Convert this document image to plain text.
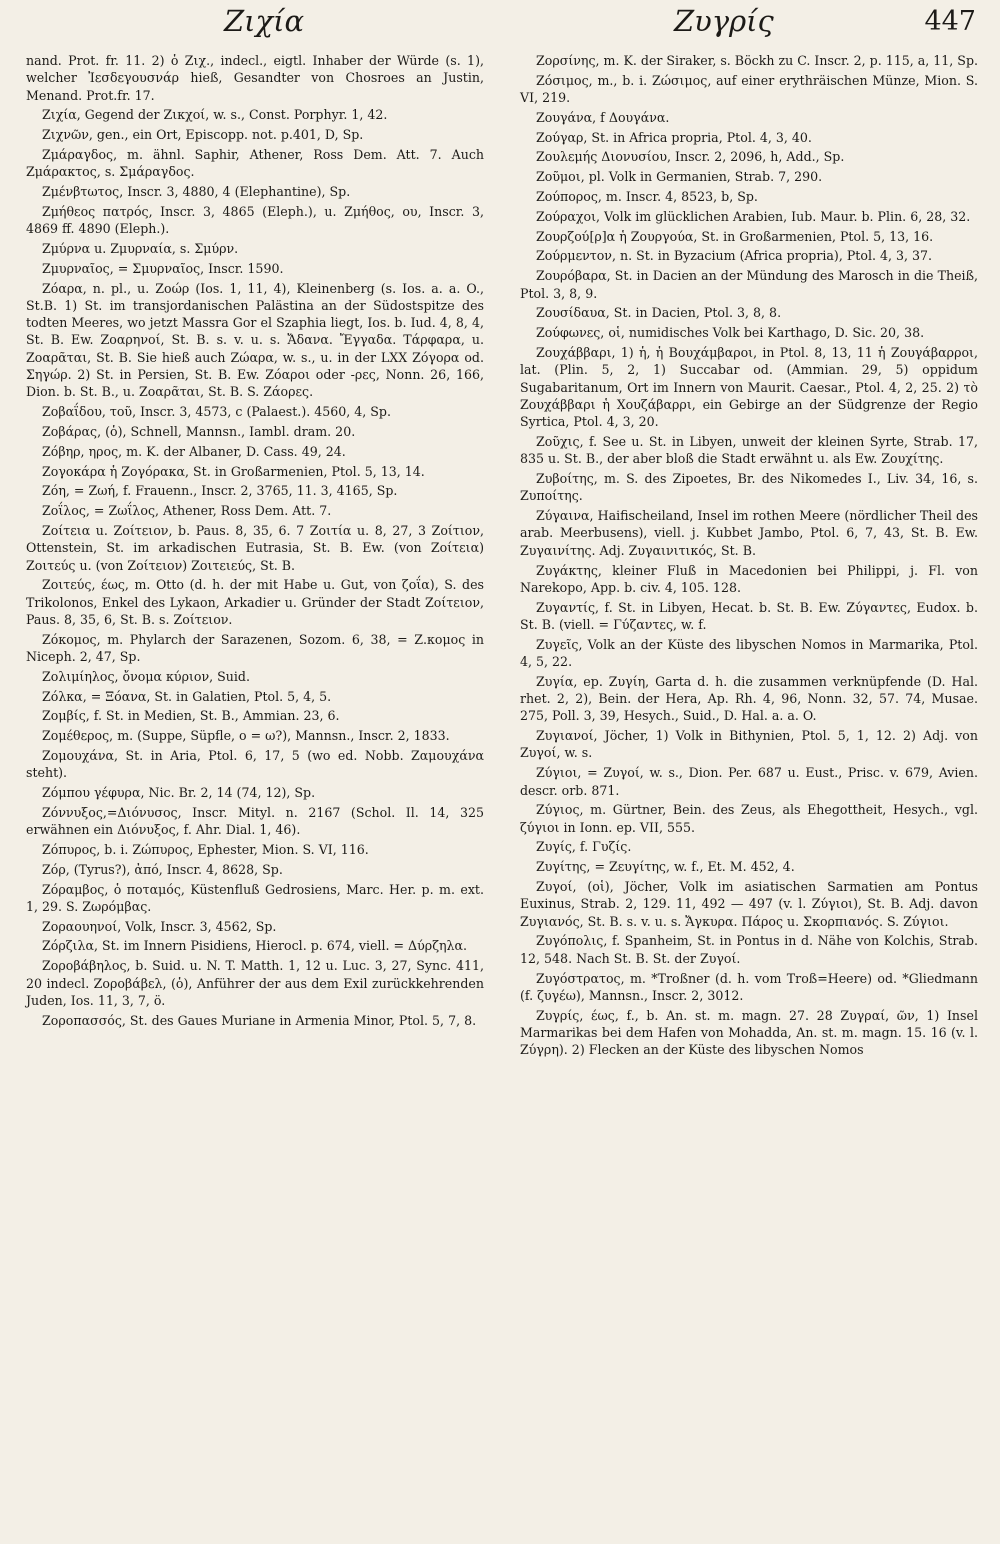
Ζιχία	Ζυγρίς	447

nand. Prot. fr. 11. 2) ὁ Ζιχ., indecl., eigtl. Inhaber der Würde (s. 1), welcher Ἰεσδεγουσνάρ hieß, Gesandter von Chosroes an Justin, Menand. Prot.fr. 17.

Ζιχία, Gegend der Ζικχοί, w. s., Const. Porphyr. 1, 42.

Ζιχνῶν, gen., ein Ort, Episcopp. not. p.401, D, Sp.

Ζμάραγδος, m. ähnl. Saphir, Athener, Ross Dem. Att. 7. Auch Ζμάρακτος, s. Σμάραγδος.

Ζμένβτωτος, Inscr. 3, 4880, 4 (Elephantine), Sp.

Ζμήθεος πατρός, Inscr. 3, 4865 (Eleph.), u. Ζμήθος, ου, Inscr. 3, 4869 ff. 4890 (Eleph.).

Ζμύρνα u. Ζμυρναία, s. Σμύρν.

Ζμυρναῖος, = Σμυρναῖος, Inscr. 1590.

Ζόαρα, n. pl., u. Ζοώρ (Ios. 1, 11, 4), Kleinenberg (s. Ios. a. a. O., St.B. 1) St. im transjordanischen Palästina an der Südostspitze des todten Meeres, wo jetzt Massra Gor el Szaphia liegt, Ios. b. Iud. 4, 8, 4, St. B. Ew. Ζοαρηνοί, St. B. s. v. u. s. Ἄδανα. Ἔγγαδα. Τάρφαρα, u. Ζοαρᾶται, St. B. Sie hieß auch Ζώαρα, w. s., u. in der LXX Ζόγορα od. Σηγώρ. 2) St. in Persien, St. B. Ew. Ζόαροι oder -ρες, Nonn. 26, 166, Dion. b. St. B., u. Ζοαρᾶται, St. B. S. Ζάορες.

Ζοβαΐδου, τοῦ, Inscr. 3, 4573, c (Palaest.). 4560, 4, Sp.

Ζοβάρας, (ὁ), Schnell, Mannsn., Iambl. dram. 20.

Ζόβηρ, ηρος, m. K. der Albaner, D. Cass. 49, 24.

Ζογοκάρα ἡ Ζογόρακα, St. in Großarmenien, Ptol. 5, 13, 14.

Ζόη, = Ζωή, f. Frauenn., Inscr. 2, 3765, 11. 3, 4165, Sp.

Ζοΐλος, = Ζωΐλος, Athener, Ross Dem. Att. 7.

Ζοίτεια u. Ζοίτειον, b. Paus. 8, 35, 6. 7 Ζοιτία u. 8, 27, 3 Ζοίτιον, Ottenstein, St. im arkadischen Eutrasia, St. B. Ew. (von Ζοίτεια) Ζοιτεύς u. (von Ζοίτειον) Ζοιτειεύς, St. B.

Ζοιτεύς, έως, m. Otto (d. h. der mit Habe u. Gut, von ζοΐα), S. des Trikolonos, Enkel des Lykaon, Arkadier u. Gründer der Stadt Ζοίτειον, Paus. 8, 35, 6, St. B. s. Ζοίτειον.

Ζόκομος, m. Phylarch der Sarazenen, Sozom. 6, 38, = Ζ.κομος in Niceph. 2, 47, Sp.

Ζολιμίηλος, ὄνομα κύριον, Suid.

Ζόλκα, = Ξόανα, St. in Galatien, Ptol. 5, 4, 5.

Ζομβίς, f. St. in Medien, St. B., Ammian. 23, 6.

Ζομέθερος, m. (Suppe, Süpfle, ο = ω?), Mannsn., Inscr. 2, 1833.

Ζομουχάνα, St. in Aria, Ptol. 6, 17, 5 (wo ed. Nobb. Ζαμουχάνα steht).

Ζόμπου γέφυρα, Nic. Br. 2, 14 (74, 12), Sp.

Ζόννυξος,=Διόνυσος, Inscr. Mityl. n. 2167 (Schol. Il. 14, 325 erwähnen ein Διόνυξος, f. Ahr. Dial. 1, 46).

Ζόπυρος, b. i. Ζώπυρος, Ephester, Mion. S. VI, 116.

Ζόρ, (Tyrus?), ἀπό, Inscr. 4, 8628, Sp.

Ζόραμβος, ὁ ποταμός, Küstenfluß Gedrosiens, Marc. Her. p. m. ext. 1, 29. S. Ζωρόμβας.

Ζοραουηνοί, Volk, Inscr. 3, 4562, Sp.

Ζόρζιλα, St. im Innern Pisidiens, Hierocl. p. 674, viell. = Δύρζηλα.

Ζοροβάβηλος, b. Suid. u. N. T. Matth. 1, 12 u. Luc. 3, 27, Sync. 411, 20 indecl. Ζοροβάβελ, (ὁ), Anführer der aus dem Exil zurückkehrenden Juden, Ios. 11, 3, 7, ö.

Ζοροπασσός, St. des Gaues Muriane in Armenia Minor, Ptol. 5, 7, 8.

Ζορσίνης, m. K. der Siraker, s. Böckh zu C. Inscr. 2, p. 115, a, 11, Sp.

Ζόσιμος, m., b. i. Ζώσιμος, auf einer erythräischen Münze, Mion. S. VI, 219.

Ζουγάνα, f Δουγάνα.

Ζούγαρ, St. in Africa propria, Ptol. 4, 3, 40.

Ζουλεμής Διονυσίου, Inscr. 2, 2096, h, Add., Sp.

Ζοῦμοι, pl. Volk in Germanien, Strab. 7, 290.

Ζούπορος, m. Inscr. 4, 8523, b, Sp.

Ζούραχοι, Volk im glücklichen Arabien, Iub. Maur. b. Plin. 6, 28, 32.

Ζουρζού[ρ]α ἡ Ζουργούα, St. in Großarmenien, Ptol. 5, 13, 16.

Ζούρμεντον, n. St. in Byzacium (Africa propria), Ptol. 4, 3, 37.

Ζουρόβαρα, St. in Dacien an der Mündung des Marosch in die Theiß, Ptol. 3, 8, 9.

Ζουσίδαυα, St. in Dacien, Ptol. 3, 8, 8.

Ζούφωνες, οἱ, numidisches Volk bei Karthago, D. Sic. 20, 38.

Ζουχάββαρι, 1) ἡ, ἡ Βουχάμβαροι, in Ptol. 8, 13, 11 ἡ Ζουγάβαρροι, lat. (Plin. 5, 2, 1) Succabar od. (Ammian. 29, 5) oppidum Sugabaritanum, Ort im Innern von Maurit. Caesar., Ptol. 4, 2, 25. 2) τὸ Ζουχάββαρι ἡ Χουζάβαρρι, ein Gebirge an der Südgrenze der Regio Syrtica, Ptol. 4, 3, 20.

Ζοῦχις, f. See u. St. in Libyen, unweit der kleinen Syrte, Strab. 17, 835 u. St. B., der aber bloß die Stadt erwähnt u. als Ew. Ζουχίτης.

Ζυβοίτης, m. S. des Zipoetes, Br. des Nikomedes I., Liv. 34, 16, s. Ζυποίτης.

Ζύγαινα, Haifischeiland, Insel im rothen Meere (nördlicher Theil des arab. Meerbusens), viell. j. Kubbet Jambo, Ptol. 6, 7, 43, St. B. Ew. Ζυγαινίτης. Adj. Ζυγαινιτικός, St. B.

Ζυγάκτης, kleiner Fluß in Macedonien bei Philippi, j. Fl. von Narekopo, App. b. civ. 4, 105. 128.

Ζυγαντίς, f. St. in Libyen, Hecat. b. St. B. Ew. Ζύγαντες, Eudox. b. St. B. (viell. = Γύζαντες, w. f.

Ζυγεῖς, Volk an der Küste des libyschen Nomos in Marmarika, Ptol. 4, 5, 22.

Ζυγία, ep. Ζυγίη, Garta d. h. die zusammen verknüpfende (D. Hal. rhet. 2, 2), Bein. der Hera, Ap. Rh. 4, 96, Nonn. 32, 57. 74, Musae. 275, Poll. 3, 39, Hesych., Suid., D. Hal. a. a. O.

Ζυγιανοί, Jöcher, 1) Volk in Bithynien, Ptol. 5, 1, 12. 2) Adj. von Ζυγοί, w. s.

Ζύγιοι, = Ζυγοί, w. s., Dion. Per. 687 u. Eust., Prisc. v. 679, Avien. descr. orb. 871.

Ζύγιος, m. Gürtner, Bein. des Zeus, als Ehegottheit, Hesych., vgl. ζύγιοι in Ionn. ep. VII, 555.

Ζυγίς, f. Γυζίς.

Ζυγίτης, = Ζευγίτης, w. f., Et. M. 452, 4.

Ζυγοί, (οἱ), Jöcher, Volk im asiatischen Sarmatien am Pontus Euxinus, Strab. 2, 129. 11, 492 — 497 (v. l. Ζύγιοι), St. B. Adj. davon Ζυγιανός, St. B. s. v. u. s. Ἄγκυρα. Πάρος u. Σκορπιανός. S. Ζύγιοι.

Ζυγόπολις, f. Spanheim, St. in Pontus in d. Nähe von Kolchis, Strab. 12, 548. Nach St. B. St. der Ζυγοί.

Ζυγόστρατος, m. *Troßner (d. h. vom Troß=Heere) od. *Gliedmann (f. ζυγέω), Mannsn., Inscr. 2, 3012.

Ζυγρίς, έως, f., b. An. st. m. magn. 27. 28 Ζυγραί, ῶν, 1) Insel Marmarikas bei dem Hafen von Mohadda, An. st. m. magn. 15. 16 (v. l. Ζύγρη). 2) Flecken an der Küste des libyschen Nomos
